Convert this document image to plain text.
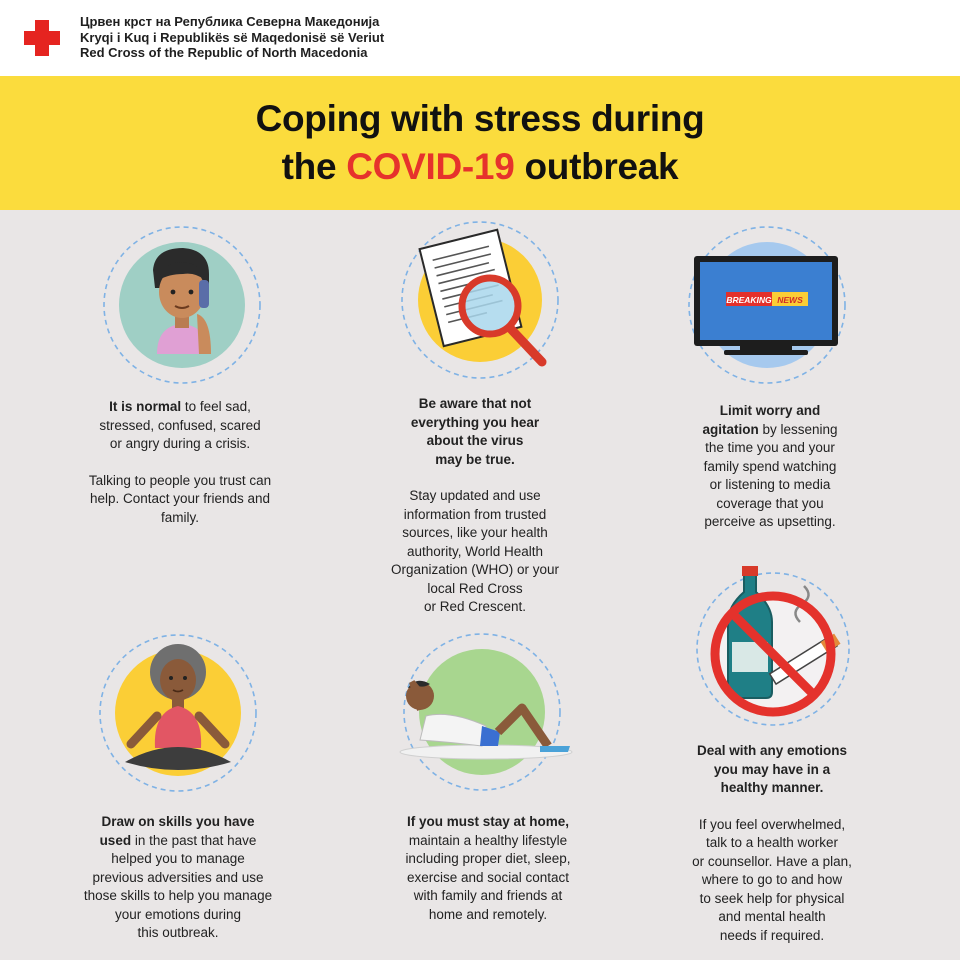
Црвен крст на Република Северна Македонија
Kryqi i Kuq i Republikës së Maqedonisë së Veriut
Red Cross of the Republic of North Macedonia
Coping with stress during
the COVID-19 outbreak
BREAKING NEWS

It is normal to feel sad,

stressed, confused, scared

or angry during a crisis.

Talking to people you trust can

help. Contact your friends and

family.

Be aware that not

everything you hear

about the virus

may be true.

Stay updated and use

information from trusted

sources, like your health

authority, World Health

Organization (WHO) or your

local Red Cross

or Red Crescent.

Limit worry and

agitation by lessening

the time you and your

family spend watching

or listening to media

coverage that you

perceive as upsetting.

Draw on skills you have

used in the past that have

helped you to manage

previous adversities and use

those skills to help you manage

your emotions during

this outbreak.

If you must stay at home,

maintain a healthy lifestyle

including proper diet, sleep,

exercise and social contact

with family and friends at

home and remotely.

Deal with any emotions

you may have in a

healthy manner.

If you feel overwhelmed,

talk to a health worker

or counsellor. Have a plan,

where to go to and how

to seek help for physical

and mental health

needs if required.
